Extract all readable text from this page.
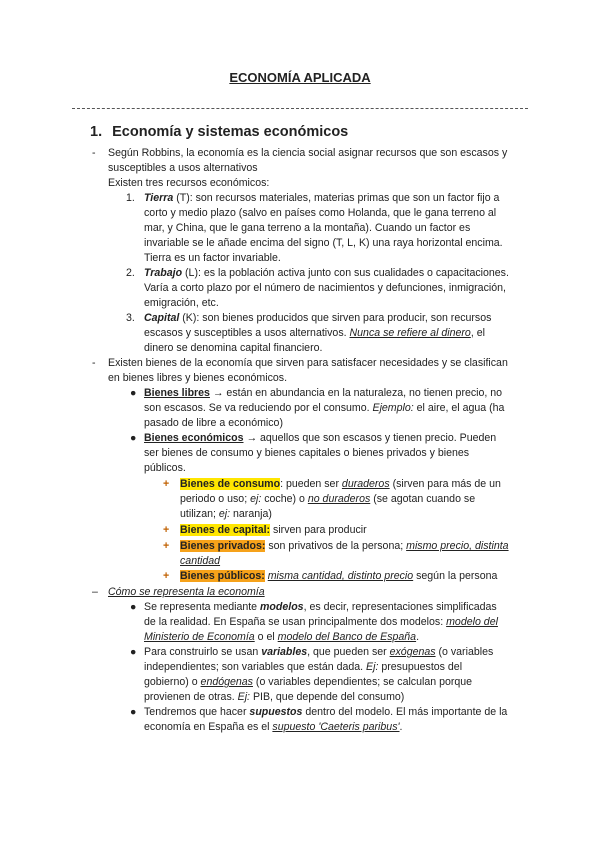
ECONOMÍA APLICADA
1. Economía y sistemas económicos
- Según Robbins, la economía es la ciencia social asignar recursos que son escasos y
susceptibles a usos alternativos
Existen tres recursos económicos:
1. Tierra (T): son recursos materiales, materias primas que son un factor fijo a
corto y medio plazo (salvo en países como Holanda, que le gana terreno al
mar, y China, que le gana terreno a la montaña). Cuando un factor es
invariable se le añade encima del signo (T, L, K) una raya horizontal encima.
Tierra es un factor invariable.
2. Trabajo (L): es la población activa junto con sus cualidades o capacitaciones.
Varía a corto plazo por el número de nacimientos y defunciones, inmigración,
emigración, etc.
3. Capital (K): son bienes producidos que sirven para producir, son recursos
escasos y susceptibles a usos alternativos. Nunca se refiere al dinero, el
dinero se denomina capital financiero.
- Existen bienes de la economía que sirven para satisfacer necesidades y se clasifican
en bienes libres y bienes económicos.
● Bienes libres → están en abundancia en la naturaleza, no tienen precio, no
son escasos. Se va reduciendo por el consumo. Ejemplo: el aire, el agua (ha
pasado de libre a económico)
● Bienes económicos → aquellos que son escasos y tienen precio. Pueden
ser bienes de consumo y bienes capitales o bienes privados y bienes
públicos.
+ Bienes de consumo: pueden ser duraderos (sirven para más de un
periodo o uso; ej: coche) o no duraderos (se agotan cuando se
utilizan; ej: naranja)
+ Bienes de capital: sirven para producir
+ Bienes privados: son privativos de la persona; mismo precio, distinta
cantidad
+ Bienes públicos: misma cantidad, distinto precio según la persona
– Cómo se representa la economía
● Se representa mediante modelos, es decir, representaciones simplificadas
de la realidad. En España se usan principalmente dos modelos: modelo del
Ministerio de Economía o el modelo del Banco de España.
● Para construirlo se usan variables, que pueden ser exógenas (o variables
independientes; son variables que están dada. Ej: presupuestos del
gobierno) o endógenas (o variables dependientes; se calculan porque
provienen de otras. Ej: PIB, que depende del consumo)
● Tendremos que hacer supuestos dentro del modelo. El más importante de la
economía en España es el supuesto 'Caeteris paribus'.
